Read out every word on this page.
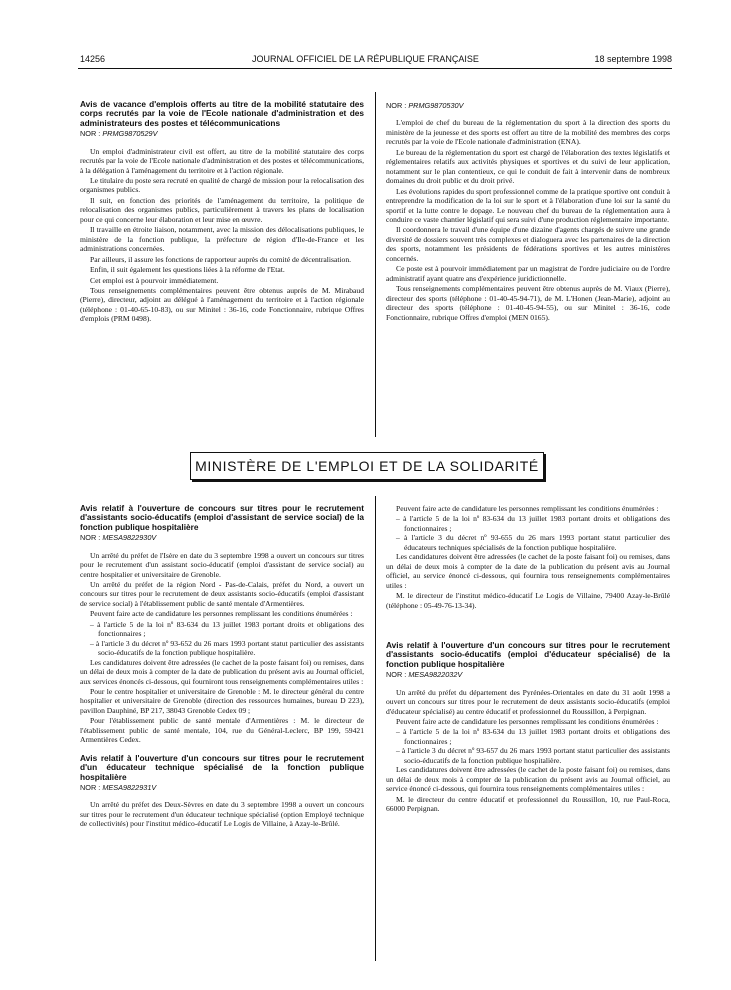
14256	JOURNAL OFFICIEL DE LA RÉPUBLIQUE FRANÇAISE	18 septembre 1998

Avis de vacance d'emplois offerts au titre de la mobilité statutaire des corps recrutés par la voie de l'Ecole nationale d'administration et des administrateurs des postes et télécommunications

NOR : PRMG9870529V

Un emploi d'administrateur civil est offert, au titre de la mobilité statutaire des corps recrutés par la voie de l'Ecole nationale d'administration et des postes et télécommunications, à la délégation à l'aménagement du territoire et à l'action régionale.

Le titulaire du poste sera recruté en qualité de chargé de mission pour la relocalisation des organismes publics.

Il suit, en fonction des priorités de l'aménagement du territoire, la politique de relocalisation des organismes publics, particulièrement à travers les plans de localisation pour ce qui concerne leur élaboration et leur mise en œuvre.

Il travaille en étroite liaison, notamment, avec la mission des délocalisations publiques, le ministère de la fonction publique, la préfecture de région d'Ile-de-France et les administrations concernées.

Par ailleurs, il assure les fonctions de rapporteur auprès du comité de décentralisation.

Enfin, il suit également les questions liées à la réforme de l'Etat.

Cet emploi est à pourvoir immédiatement.

Tous renseignements complémentaires peuvent être obtenus auprès de M. Mirabaud (Pierre), directeur, adjoint au délégué à l'aménagement du territoire et à l'action régionale (téléphone : 01-40-65-10-83), ou sur Minitel : 36-16, code Fonctionnaire, rubrique Offres d'emplois (PRM 0498).

NOR : PRMG9870530V

L'emploi de chef du bureau de la réglementation du sport à la direction des sports du ministère de la jeunesse et des sports est offert au titre de la mobilité des membres des corps recrutés par la voie de l'Ecole nationale d'administration (ENA).

Le bureau de la réglementation du sport est chargé de l'élaboration des textes législatifs et réglementaires relatifs aux activités physiques et sportives et du suivi de leur application, notamment sur le plan contentieux, ce qui le conduit de fait à intervenir dans de nombreux domaines du droit public et du droit privé.

Les évolutions rapides du sport professionnel comme de la pratique sportive ont conduit à entreprendre la modification de la loi sur le sport et à l'élaboration d'une loi sur la santé du sportif et la lutte contre le dopage. Le nouveau chef du bureau de la réglementation aura à conduire ce vaste chantier législatif qui sera suivi d'une production réglementaire importante.

Il coordonnera le travail d'une équipe d'une dizaine d'agents chargés de suivre une grande diversité de dossiers souvent très complexes et dialoguera avec les partenaires de la direction des sports, notamment les présidents de fédérations sportives et les autres ministères concernés.

Ce poste est à pourvoir immédiatement par un magistrat de l'ordre judiciaire ou de l'ordre administratif ayant quatre ans d'expérience juridictionnelle.

Tous renseignements complémentaires peuvent être obtenus auprès de M. Viaux (Pierre), directeur des sports (téléphone : 01-40-45-94-71), de M. L'Honen (Jean-Marie), adjoint au directeur des sports (téléphone : 01-40-45-94-55), ou sur Minitel : 36-16, code Fonctionnaire, rubrique Offres d'emploi (MEN 0165).

MINISTÈRE DE L'EMPLOI ET DE LA SOLIDARITÉ

Avis relatif à l'ouverture de concours sur titres pour le recrutement d'assistants socio-éducatifs (emploi d'assistant de service social) de la fonction publique hospitalière

NOR : MESA9822930V

Un arrêté du préfet de l'Isère en date du 3 septembre 1998 a ouvert un concours sur titres pour le recrutement d'un assistant socio-éducatif (emploi d'assistant de service social) au centre hospitalier et universitaire de Grenoble.

Un arrêté du préfet de la région Nord - Pas-de-Calais, préfet du Nord, a ouvert un concours sur titres pour le recrutement de deux assistants socio-éducatifs (emploi d'assistant de service social) à l'établissement public de santé mentale d'Armentières.

Peuvent faire acte de candidature les personnes remplissant les conditions énumérées :

– à l'article 5 de la loi nº 83-634 du 13 juillet 1983 portant droits et obligations des fonctionnaires ;
– à l'article 3 du décret nº 93-652 du 26 mars 1993 portant statut particulier des assistants socio-éducatifs de la fonction publique hospitalière.

Les candidatures doivent être adressées (le cachet de la poste faisant foi) ou remises, dans un délai de deux mois à compter de la date de publication du présent avis au Journal officiel, aux services énoncés ci-dessous, qui fourniront tous renseignements complémentaires utiles :

Pour le centre hospitalier et universitaire de Grenoble : M. le directeur général du centre hospitalier et universitaire de Grenoble (direction des ressources humaines, bureau D 223), pavillon Dauphiné, BP 217, 38043 Grenoble Cedex 09 ;

Pour l'établissement public de santé mentale d'Armentières : M. le directeur de l'établissement public de santé mentale, 104, rue du Général-Leclerc, BP 199, 59421 Armentières Cedex.

Avis relatif à l'ouverture d'un concours sur titres pour le recrutement d'un éducateur technique spécialisé de la fonction publique hospitalière

NOR : MESA9822931V

Un arrêté du préfet des Deux-Sèvres en date du 3 septembre 1998 a ouvert un concours sur titres pour le recrutement d'un éducateur technique spécialisé (option Employé technique de collectivités) pour l'institut médico-éducatif Le Logis de Villaine, à Azay-le-Brûlé.

Peuvent faire acte de candidature les personnes remplissant les conditions énumérées :

– à l'article 5 de la loi nº 83-634 du 13 juillet 1983 portant droits et obligations des fonctionnaires ;
– à l'article 3 du décret nº 93-655 du 26 mars 1993 portant statut particulier des éducateurs techniques spécialisés de la fonction publique hospitalière.

Les candidatures doivent être adressées (le cachet de la poste faisant foi) ou remises, dans un délai de deux mois à compter de la date de la publication du présent avis au Journal officiel, au service énoncé ci-dessous, qui fournira tous renseignements complémentaires utiles :

M. le directeur de l'institut médico-éducatif Le Logis de Villaine, 79400 Azay-le-Brûlé (téléphone : 05-49-76-13-34).

Avis relatif à l'ouverture d'un concours sur titres pour le recrutement d'assistants socio-éducatifs (emploi d'éducateur spécialisé) de la fonction publique hospitalière

NOR : MESA9822032V

Un arrêté du préfet du département des Pyrénées-Orientales en date du 31 août 1998 a ouvert un concours sur titres pour le recrutement de deux assistants socio-éducatifs (emploi d'éducateur spécialisé) au centre éducatif et professionnel du Roussillon, à Perpignan.

Peuvent faire acte de candidature les personnes remplissant les conditions énumérées :

– à l'article 5 de la loi nº 83-634 du 13 juillet 1983 portant droits et obligations des fonctionnaires ;
– à l'article 3 du décret nº 93-657 du 26 mars 1993 portant statut particulier des assistants socio-éducatifs de la fonction publique hospitalière.

Les candidatures doivent être adressées (le cachet de la poste faisant foi) ou remises, dans un délai de deux mois à compter de la publication du présent avis au Journal officiel, au service énoncé ci-dessous, qui fournira tous renseignements complémentaires utiles :

M. le directeur du centre éducatif et professionnel du Roussillon, 10, rue Paul-Roca, 66000 Perpignan.
